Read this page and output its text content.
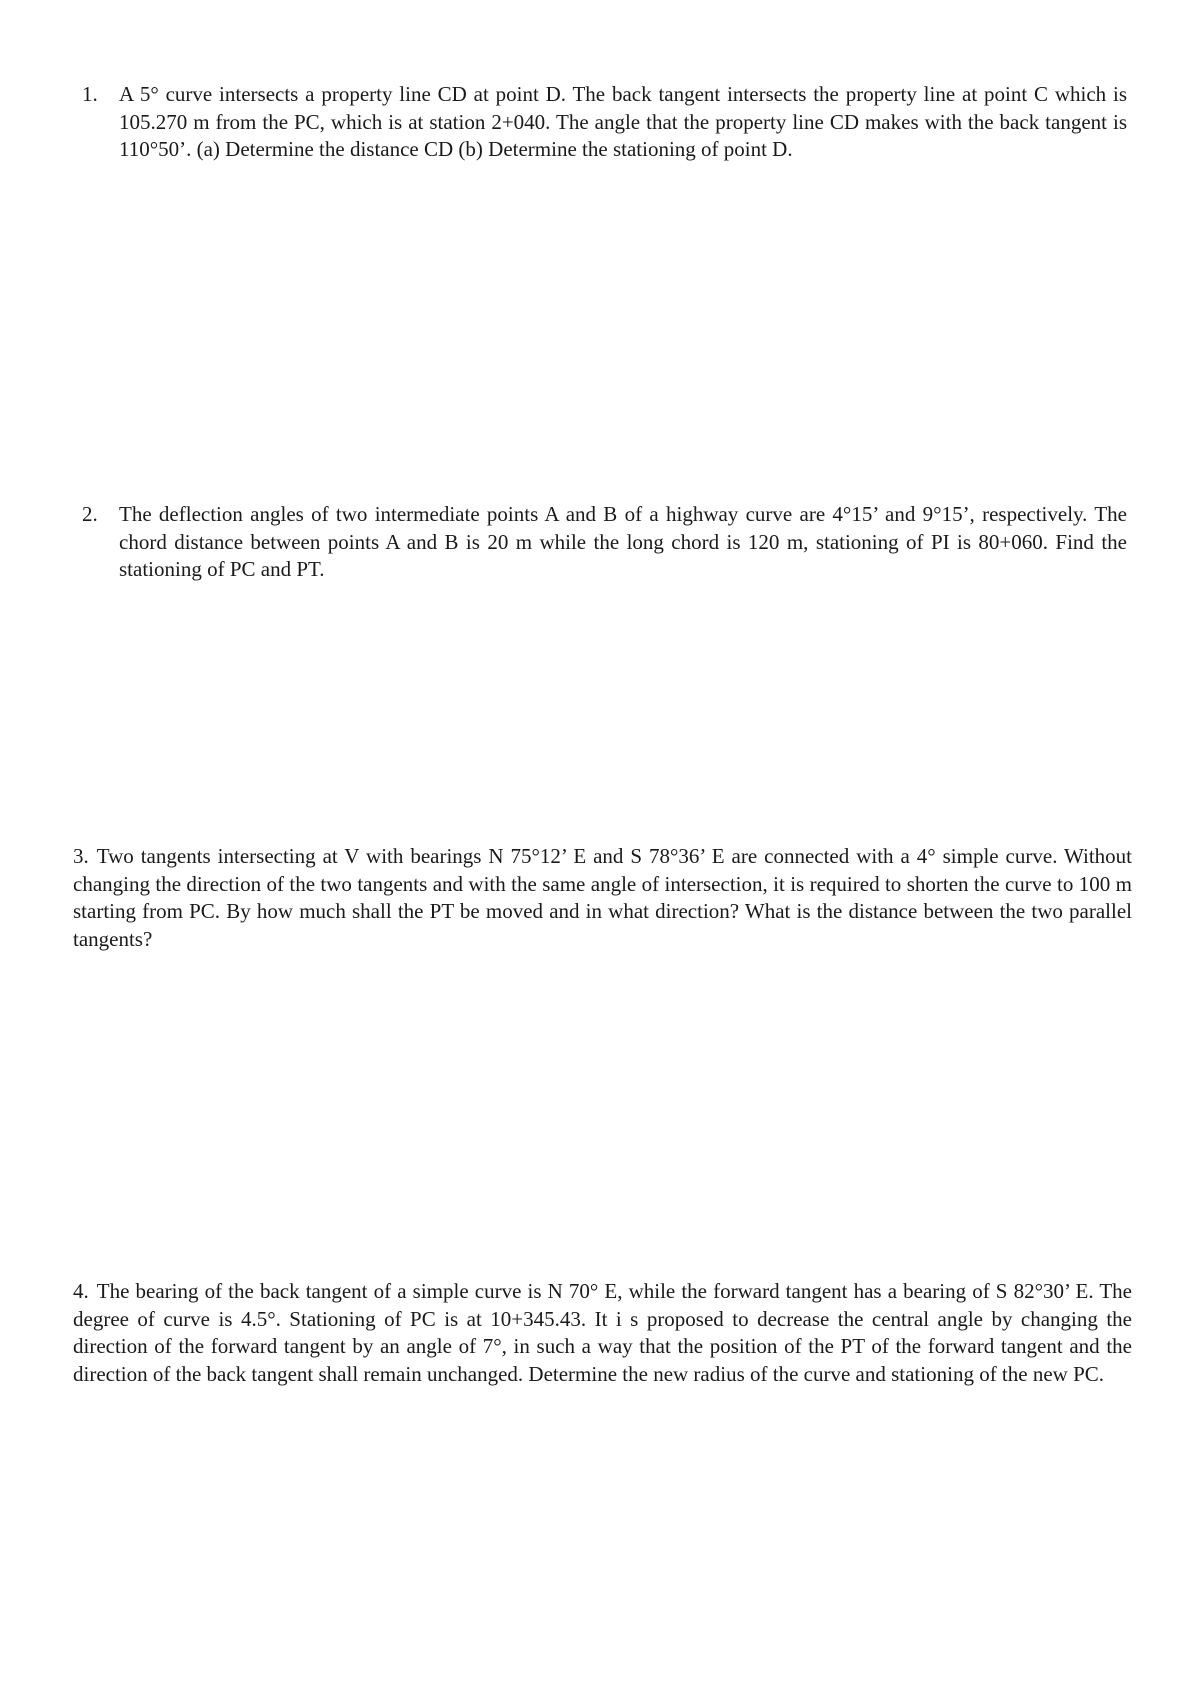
1. A 5° curve intersects a property line CD at point D. The back tangent intersects the property line at point C which is 105.270 m from the PC, which is at station 2+040. The angle that the property line CD makes with the back tangent is 110°50’. (a) Determine the distance CD (b) Determine the stationing of point D.

2. The deflection angles of two intermediate points A and B of a highway curve are 4°15’ and 9°15’, respectively. The chord distance between points A and B is 20 m while the long chord is 120 m, stationing of PI is 80+060. Find the stationing of PC and PT.

3. Two tangents intersecting at V with bearings N 75°12’ E and S 78°36’ E are connected with a 4° simple curve. Without changing the direction of the two tangents and with the same angle of intersection, it is required to shorten the curve to 100 m starting from PC. By how much shall the PT be moved and in what direction? What is the distance between the two parallel tangents?

4. The bearing of the back tangent of a simple curve is N 70° E, while the forward tangent has a bearing of S 82°30’ E. The degree of curve is 4.5°. Stationing of PC is at 10+345.43. It i s proposed to decrease the central angle by changing the direction of the forward tangent by an angle of 7°, in such a way that the position of the PT of the forward tangent and the direction of the back tangent shall remain unchanged. Determine the new radius of the curve and stationing of the new PC.
